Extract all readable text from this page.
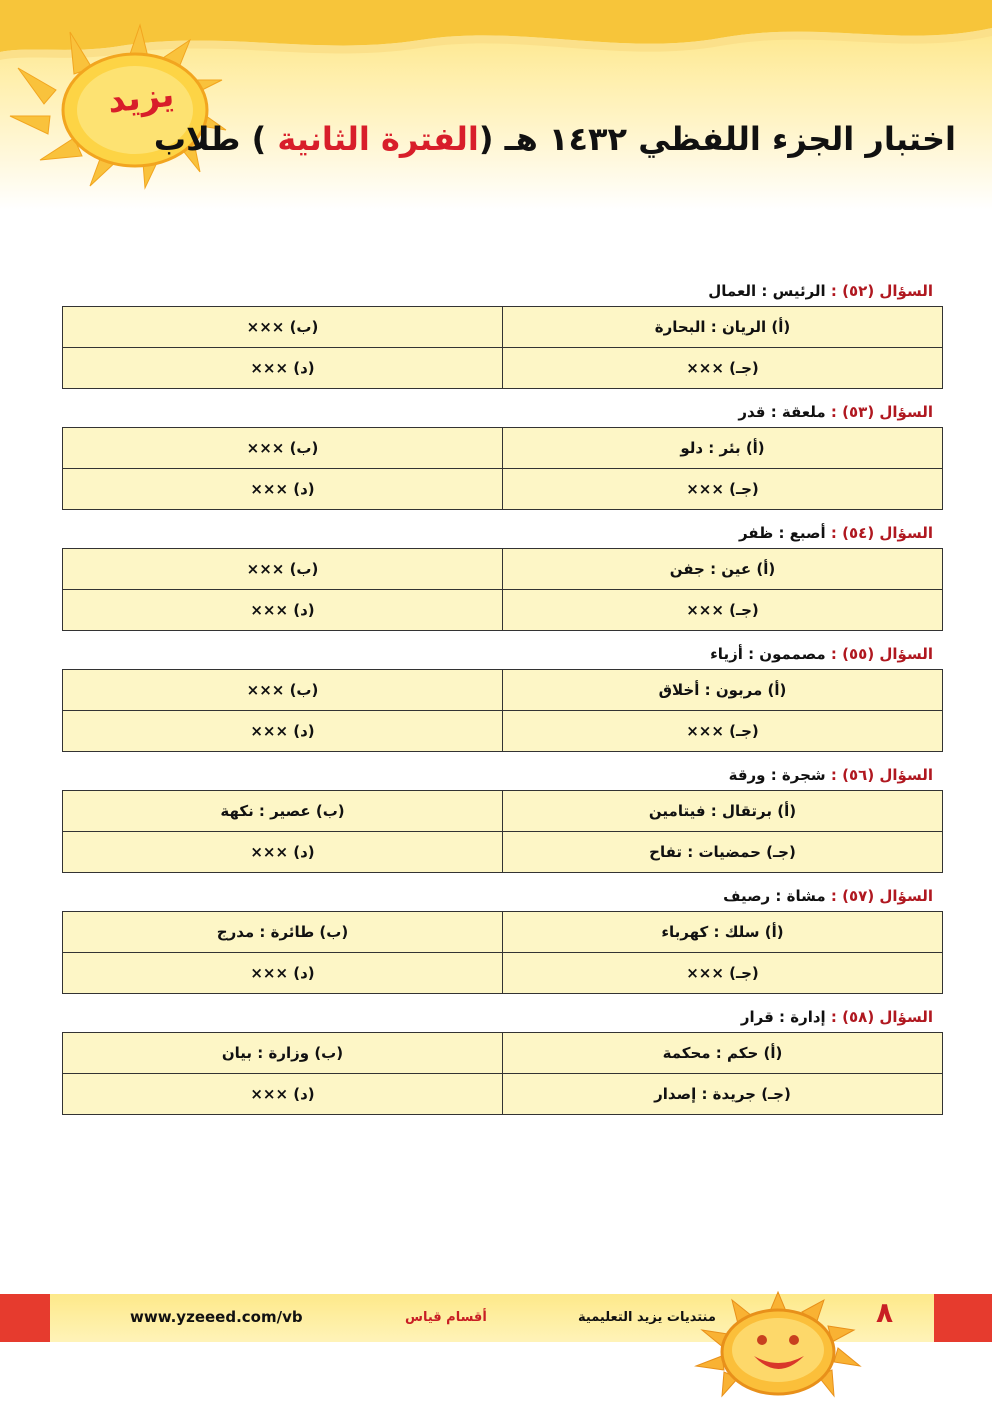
يزيد
اختبار الجزء اللفظي ١٤٣٢ هـ (الفترة الثانية ) طلاب
السؤال (٥٢) : الرئيس : العمال
(أ) الريان : البحارة	(ب) ×××
(جـ) ×××	(د) ×××
السؤال (٥٣) : ملعقة : قدر
(أ) بئر : دلو	(ب) ×××
(جـ) ×××	(د) ×××
السؤال (٥٤) : أصبع : ظفر
(أ) عين : جفن	(ب) ×××
(جـ) ×××	(د) ×××
السؤال (٥٥) : مصممون : أزياء
(أ) مربون : أخلاق	(ب) ×××
(جـ) ×××	(د) ×××
السؤال (٥٦) : شجرة : ورقة
(أ) برتقال : فيتامين	(ب) عصير : نكهة
(جـ) حمضيات : تفاح	(د) ×××
السؤال (٥٧) : مشاة : رصيف
(أ) سلك : كهرباء	(ب) طائرة : مدرج
(جـ) ×××	(د) ×××
السؤال (٥٨) : إدارة : قرار
(أ) حكم : محكمة	(ب) وزارة : بيان
(جـ) جريدة : إصدار	(د) ×××
www.yzeeed.com/vb	أقسام قياس	منتديات يزيد التعليمية	٨
